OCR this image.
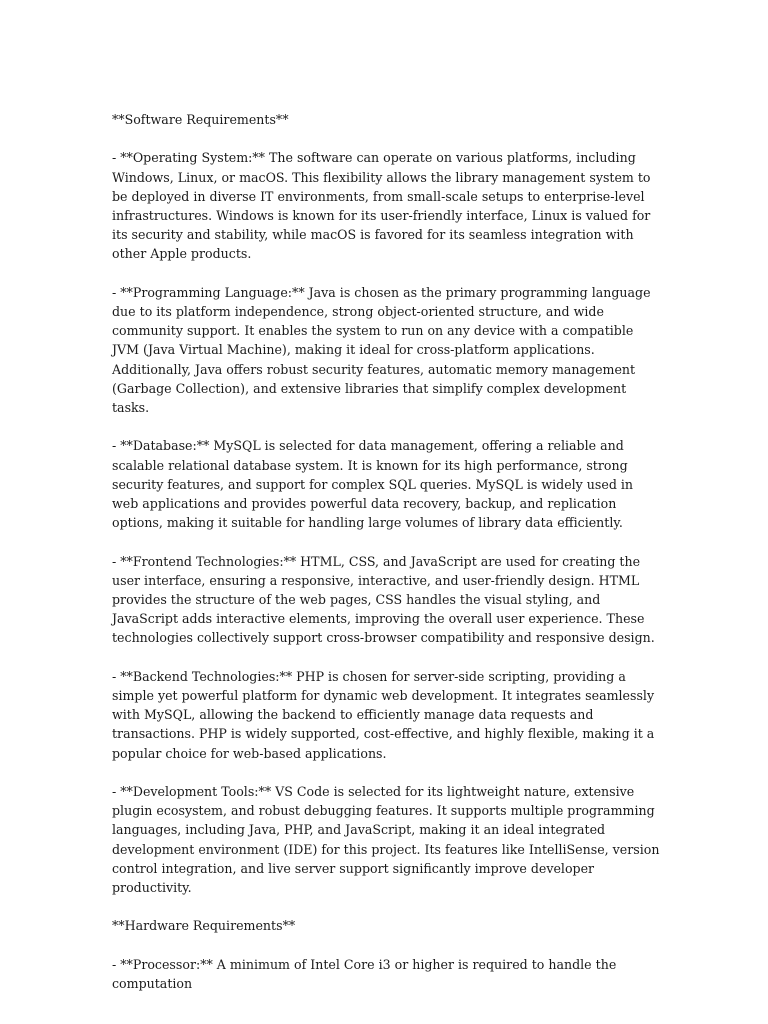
**Software Requirements**

- **Operating System:** The software can operate on various platforms, including Windows, Linux, or macOS. This flexibility allows the library management system to be deployed in diverse IT environments, from small-scale setups to enterprise-level infrastructures. Windows is known for its user-friendly interface, Linux is valued for its security and stability, while macOS is favored for its seamless integration with other Apple products.

- **Programming Language:** Java is chosen as the primary programming language due to its platform independence, strong object-oriented structure, and wide community support. It enables the system to run on any device with a compatible JVM (Java Virtual Machine), making it ideal for cross-platform applications. Additionally, Java offers robust security features, automatic memory management (Garbage Collection), and extensive libraries that simplify complex development tasks.

- **Database:** MySQL is selected for data management, offering a reliable and scalable relational database system. It is known for its high performance, strong security features, and support for complex SQL queries. MySQL is widely used in web applications and provides powerful data recovery, backup, and replication options, making it suitable for handling large volumes of library data efficiently.

- **Frontend Technologies:** HTML, CSS, and JavaScript are used for creating the user interface, ensuring a responsive, interactive, and user-friendly design. HTML provides the structure of the web pages, CSS handles the visual styling, and JavaScript adds interactive elements, improving the overall user experience. These technologies collectively support cross-browser compatibility and responsive design.

- **Backend Technologies:** PHP is chosen for server-side scripting, providing a simple yet powerful platform for dynamic web development. It integrates seamlessly with MySQL, allowing the backend to efficiently manage data requests and transactions. PHP is widely supported, cost-effective, and highly flexible, making it a popular choice for web-based applications.

- **Development Tools:** VS Code is selected for its lightweight nature, extensive plugin ecosystem, and robust debugging features. It supports multiple programming languages, including Java, PHP, and JavaScript, making it an ideal integrated development environment (IDE) for this project. Its features like IntelliSense, version control integration, and live server support significantly improve developer productivity.

**Hardware Requirements**

- **Processor:** A minimum of Intel Core i3 or higher is required to handle the computation
